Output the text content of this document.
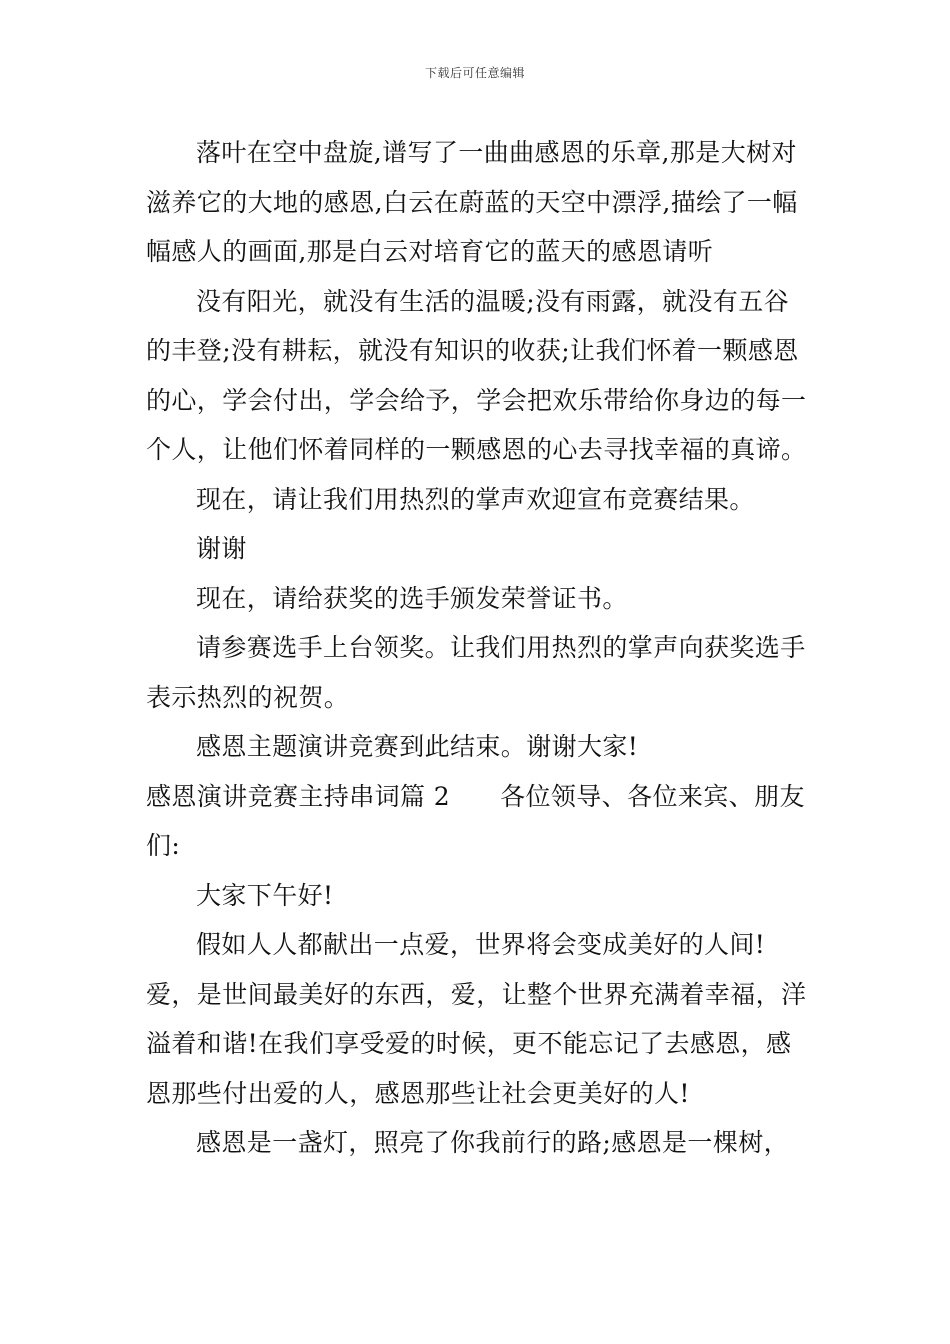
下载后可任意编辑

落叶在空中盘旋,谱写了一曲曲感恩的乐章,那是大树对滋养它的大地的感恩,白云在蔚蓝的天空中漂浮,描绘了一幅幅感人的画面,那是白云对培育它的蓝天的感恩请听

没有阳光，就没有生活的温暖;没有雨露，就没有五谷的丰登;没有耕耘，就没有知识的收获;让我们怀着一颗感恩的心，学会付出，学会给予，学会把欢乐带给你身边的每一个人，让他们怀着同样的一颗感恩的心去寻找幸福的真谛。

现在，请让我们用热烈的掌声欢迎宣布竞赛结果。

谢谢

现在，请给获奖的选手颁发荣誉证书。

请参赛选手上台领奖。让我们用热烈的掌声向获奖选手表示热烈的祝贺。

感恩主题演讲竞赛到此结束。谢谢大家!

感恩演讲竞赛主持串词篇 2 各位领导、各位来宾、朋友们:

大家下午好!

假如人人都献出一点爱，世界将会变成美好的人间!爱，是世间最美好的东西，爱，让整个世界充满着幸福，洋溢着和谐!在我们享受爱的时候，更不能忘记了去感恩，感恩那些付出爱的人，感恩那些让社会更美好的人!

感恩是一盏灯，照亮了你我前行的路;感恩是一棵树，
